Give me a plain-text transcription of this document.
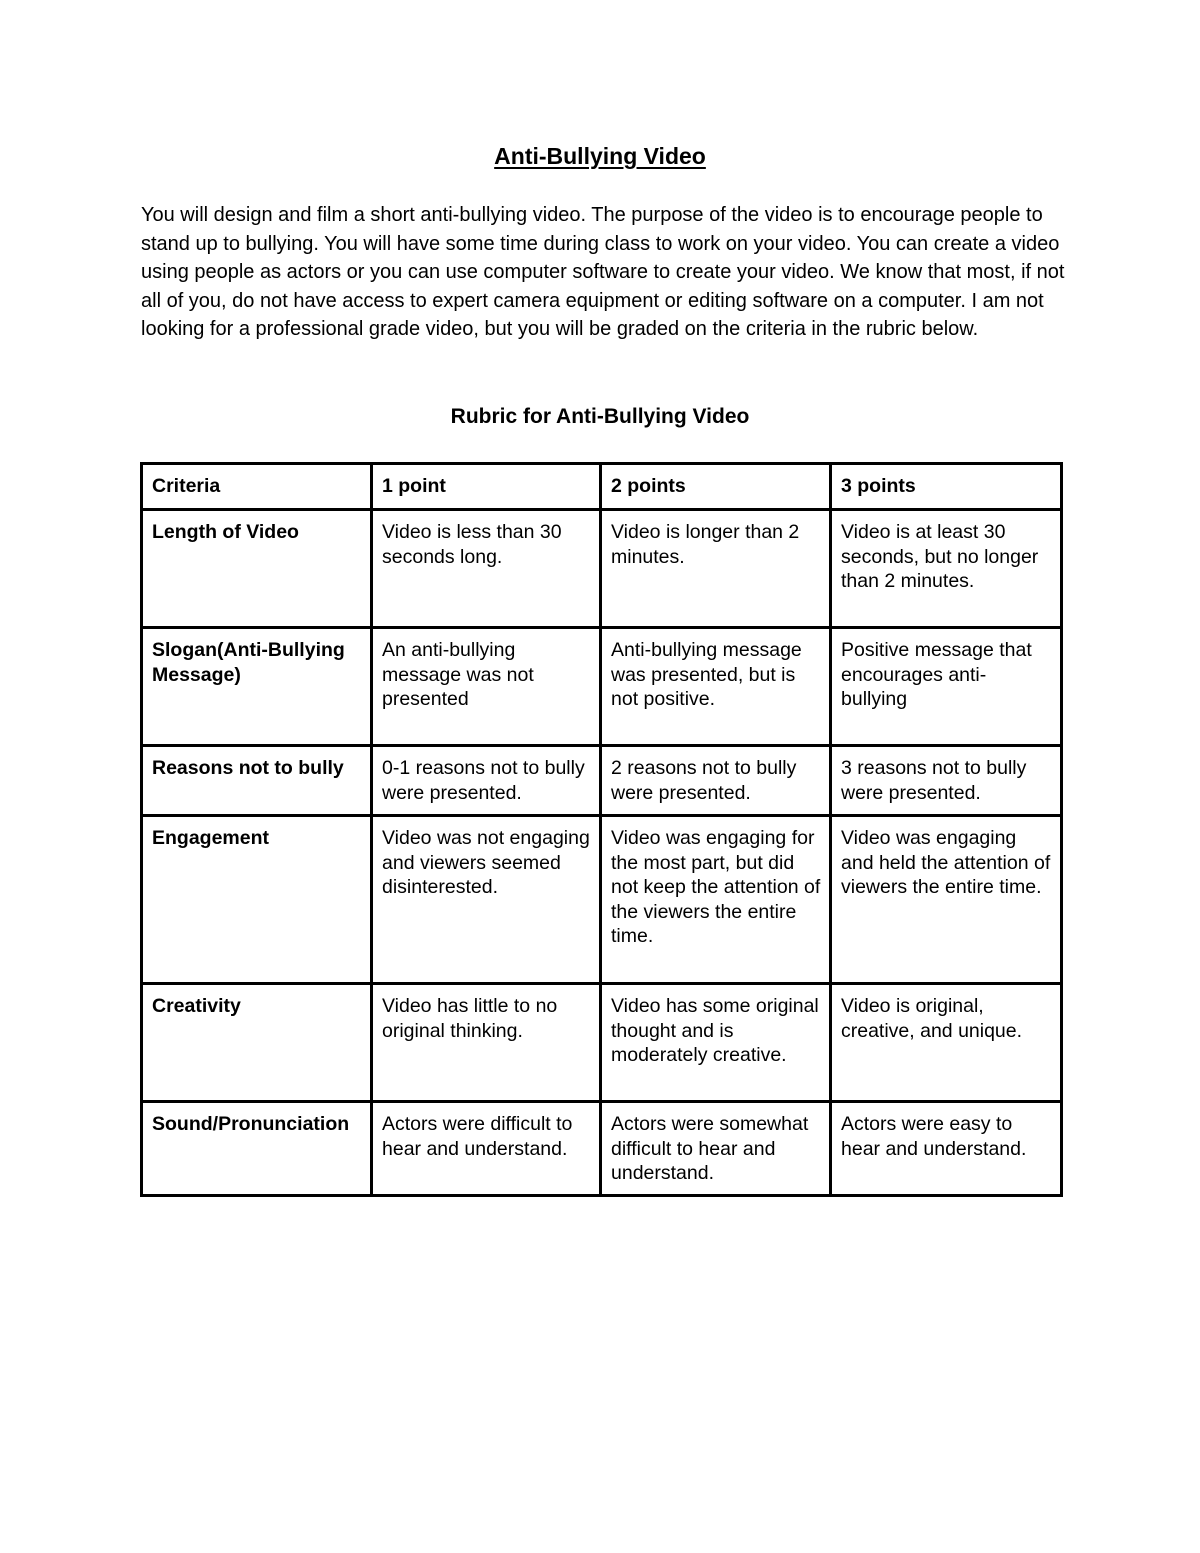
Anti-Bullying Video

You will design and film a short anti-bullying video. The purpose of the video is to encourage people to stand up to bullying. You will have some time during class to work on your video. You can create a video using people as actors or you can use computer software to create your video. We know that most, if not all of you, do not have access to expert camera equipment or editing software on a computer. I am not looking for a professional grade video, but you will be graded on the criteria in the rubric below.

Rubric for Anti-Bullying Video
Criteria	1 point	2 points	3 points
Length of Video	Video is less than 30 seconds long.	Video is longer than 2 minutes.	Video is at least 30 seconds, but no longer than 2 minutes.
Slogan(Anti-Bullying Message)	An anti-bullying message was not presented	Anti-bullying message was presented, but is not positive.	Positive message that encourages anti-bullying
Reasons not to bully	0-1 reasons not to bully were presented.	2 reasons not to bully were presented.	3 reasons not to bully were presented.
Engagement	Video was not engaging and viewers seemed disinterested.	Video was engaging for the most part, but did not keep the attention of the viewers the entire time.	Video was engaging and held the attention of viewers the entire time.
Creativity	Video has little to no original thinking.	Video has some original thought and is moderately creative.	Video is original, creative, and unique.
Sound/Pronunciation	Actors were difficult to hear and understand.	Actors were somewhat difficult to hear and understand.	Actors were easy to hear and understand.
